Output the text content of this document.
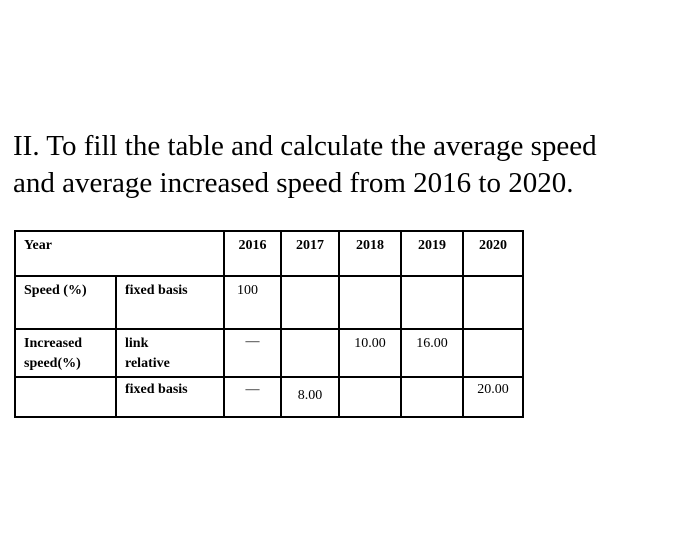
II. To fill the table and calculate the average speed
and average increased speed from 2016 to 2020.
Year		2016	2017	2018	2019	2020

Speed (%)	fixed basis	100				

Increased
speed(%)	link
relative	—		10.00	16.00	

	fixed basis	—	8.00			20.00
